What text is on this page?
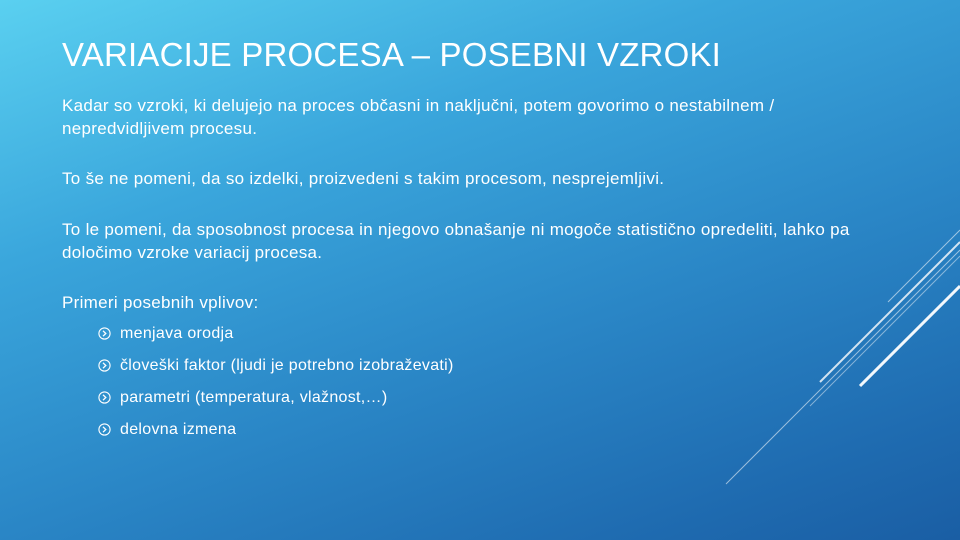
VARIACIJE PROCESA – POSEBNI VZROKI

Kadar so vzroki, ki delujejo na proces občasni in naključni, potem govorimo o nestabilnem / nepredvidljivem procesu.

To še ne pomeni, da so izdelki, proizvedeni s takim procesom, nesprejemljivi.

To le pomeni, da sposobnost procesa in njegovo obnašanje ni mogoče statistično opredeliti, lahko pa določimo vzroke variacij procesa.

Primeri posebnih vplivov:

menjava orodja
človeški faktor (ljudi je potrebno izobraževati)
parametri (temperatura, vlažnost,…)
delovna izmena
